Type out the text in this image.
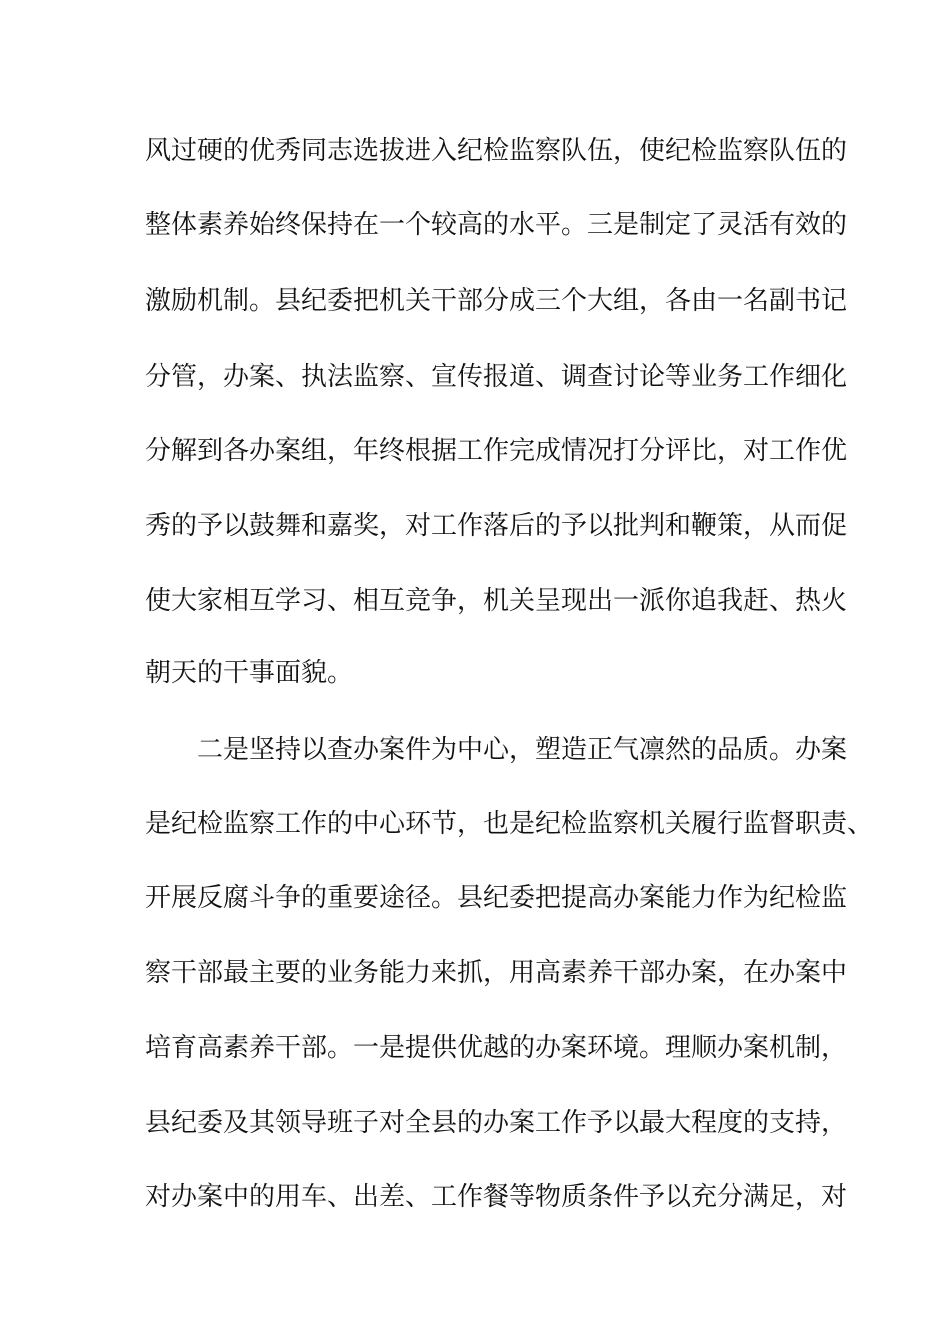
风过硬的优秀同志选拔进入纪检监察队伍，使纪检监察队伍的
整体素养始终保持在一个较高的水平。三是制定了灵活有效的
激励机制。县纪委把机关干部分成三个大组，各由一名副书记
分管，办案、执法监察、宣传报道、调查讨论等业务工作细化
分解到各办案组，年终根据工作完成情况打分评比，对工作优
秀的予以鼓舞和嘉奖，对工作落后的予以批判和鞭策，从而促
使大家相互学习、相互竞争，机关呈现出一派你追我赶、热火
朝天的干事面貌。
二是坚持以查办案件为中心，塑造正气凛然的品质。办案
是纪检监察工作的中心环节，也是纪检监察机关履行监督职责、
开展反腐斗争的重要途径。县纪委把提高办案能力作为纪检监
察干部最主要的业务能力来抓，用高素养干部办案，在办案中
培育高素养干部。一是提供优越的办案环境。理顺办案机制，
县纪委及其领导班子对全县的办案工作予以最大程度的支持，
对办案中的用车、出差、工作餐等物质条件予以充分满足，对
